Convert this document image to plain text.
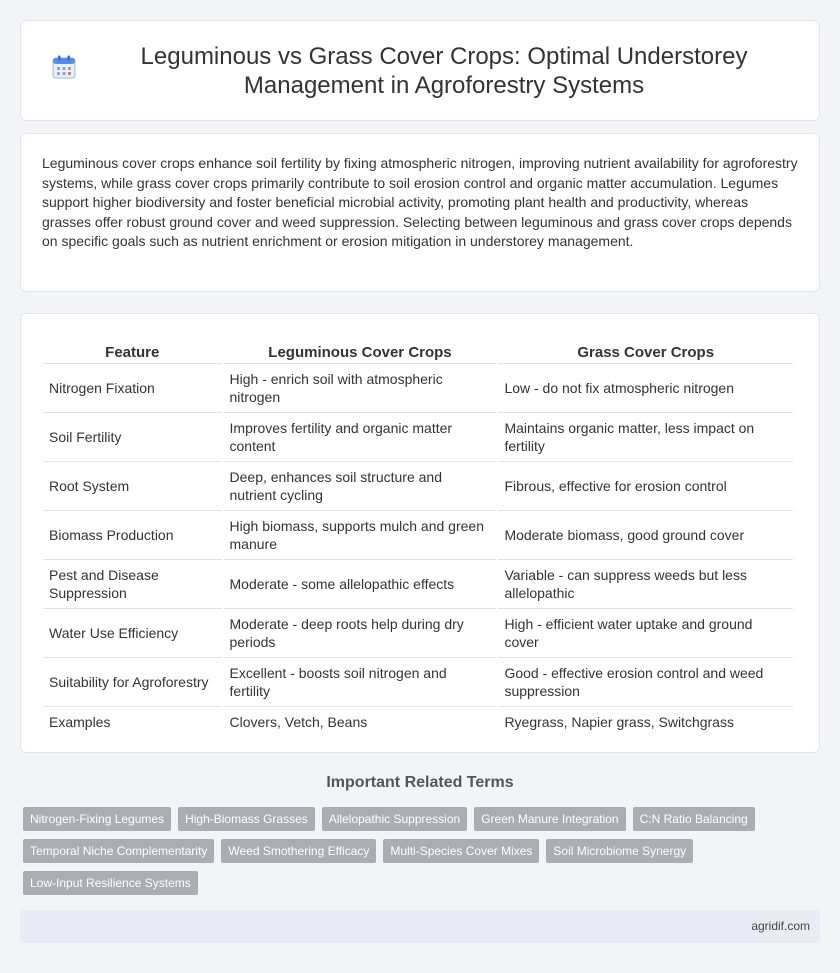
Leguminous vs Grass Cover Crops: Optimal Understorey Management in Agroforestry Systems

Leguminous cover crops enhance soil fertility by fixing atmospheric nitrogen, improving nutrient availability for agroforestry systems, while grass cover crops primarily contribute to soil erosion control and organic matter accumulation. Legumes support higher biodiversity and foster beneficial microbial activity, promoting plant health and productivity, whereas grasses offer robust ground cover and weed suppression. Selecting between leguminous and grass cover crops depends on specific goals such as nutrient enrichment or erosion mitigation in understorey management.

Feature	Leguminous Cover Crops	Grass Cover Crops
Nitrogen Fixation	High - enrich soil with atmospheric nitrogen	Low - do not fix atmospheric nitrogen
Soil Fertility	Improves fertility and organic matter content	Maintains organic matter, less impact on fertility
Root System	Deep, enhances soil structure and nutrient cycling	Fibrous, effective for erosion control
Biomass Production	High biomass, supports mulch and green manure	Moderate biomass, good ground cover
Pest and Disease Suppression	Moderate - some allelopathic effects	Variable - can suppress weeds but less allelopathic
Water Use Efficiency	Moderate - deep roots help during dry periods	High - efficient water uptake and ground cover
Suitability for Agroforestry	Excellent - boosts soil nitrogen and fertility	Good - effective erosion control and weed suppression
Examples	Clovers, Vetch, Beans	Ryegrass, Napier grass, Switchgrass
Important Related Terms
Nitrogen-Fixing Legumes	High-Biomass Grasses	Allelopathic Suppression	Green Manure Integration	C:N Ratio Balancing
Temporal Niche Complementarity	Weed Smothering Efficacy	Multi-Species Cover Mixes	Soil Microbiome Synergy
Low-Input Resilience Systems
agridif.com
